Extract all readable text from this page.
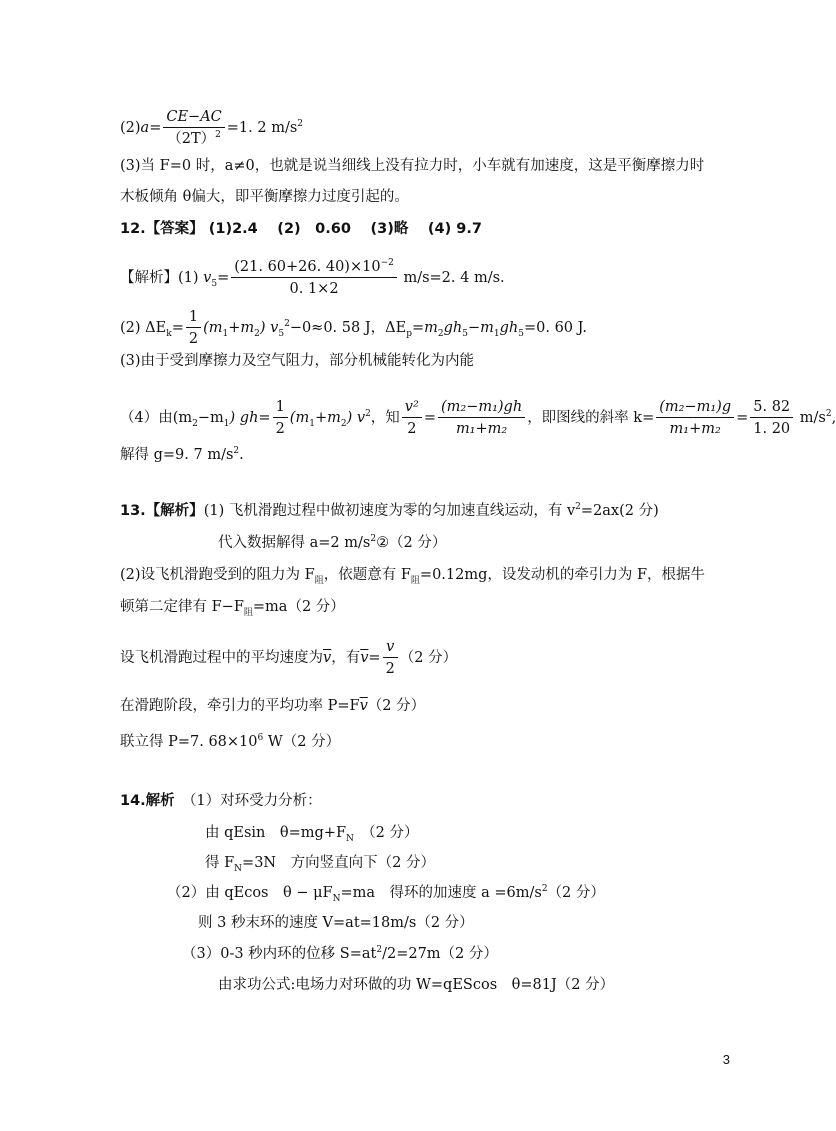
$(2)a= \frac{CE-AC}{(2T)^2} =1$. 2 $m/s^2$
(3)当 F=0 时，a≠0，也就是说当细线上没有拉力时，小车就有加速度，这是平衡摩擦力时
木板倾角 θ偏大，即平衡摩擦力过度引起的。
12.【答案】 (1)2.4　 (2)　0.60　 (3)略　 (4) 9.7
【解析】(1) $v_5= \frac{(21. 60+26. 40)\times 10^{-2}}{0. 1\times 2} m/s=2$. 4 m/s.
(2) $\Delta E_k= \frac{1}{2} (m_1+m_2)$ $v_5^2-0\approx 0$. 58 J，$\Delta E_p=m_2gh_5-m_1gh_5=0$. 60 J.
(3)由于受到摩擦力及空气阻力，部分机械能转化为内能
（4）由$(m_2-m_1)$ $gh= \frac{1}{2} (m_1+m_2)$ $v^2$，知 $\frac{\text{v²}}{2} = \frac{\text{(m₂−m₁)gh}}{\text{m₁+m₂}}$ ，即图线的斜率 $k= \frac{\text{(m₂−m₁)g}}{\text{m₁+m₂}} = \frac{5. 82}{1. 20} m/s^2$,
解得 g=9. 7 $m/s^2$.
13.【解析】(1) 飞机滑跑过程中做初速度为零的匀加速直线运动，有 $v^2=2ax(2$ 分)
代入数据解得 a=2 $m/s^2②(2$ 分）
(2)设飞机滑跑受到的阻力为 $F_阻$，依题意有 $F_阻=0.12mg$，设发动机的牵引力为 F，根据牛
顿第二定律有 $F-F_阻=ma(2$ 分）
设飞机滑跑过程中的平均速度为$\overline{v}$，有$\overline{v}= \frac{v}{2} (2$ 分）
在滑跑阶段，牵引力的平均功率 $P=F\overline{v}(2$ 分）
联立得 P=7. $68\times 10^6$ W（2 分）
14.解析　 （1）对环受力分析：
由 qEsin　$\theta=mg+F_N$　（2 分）
得 $F_N=3N$　方向竖直向下（2 分）
（2）由 qEcos　$\theta - \mu F_N=ma$　得环的加速度 $a =6m/s^2(2$ 分）
则 3 秒末环的速度 V=at=18m/s（2 分）
（3）0-3 秒内环的位移 $S=at^2/2=27m(2$ 分）
由求功公式:电场力对环做的功 W=qEScos　θ=81J（2 分）
3
